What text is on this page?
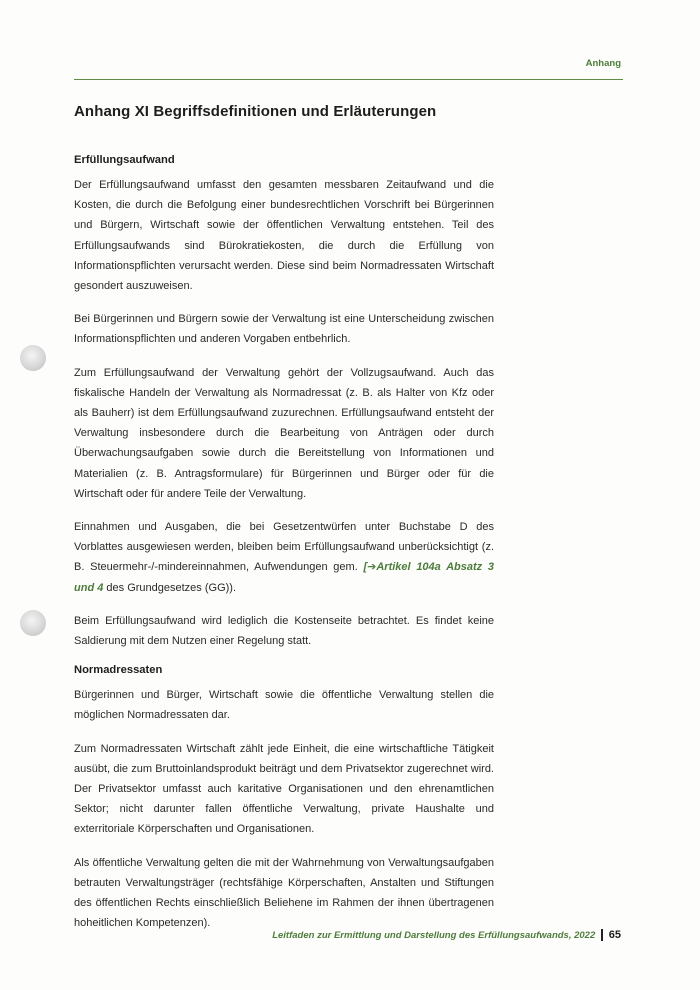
Anhang
Anhang XI Begriffsdefinitionen und Erläuterungen
Erfüllungsaufwand

Der Erfüllungsaufwand umfasst den gesamten messbaren Zeitaufwand und die Kosten, die durch die Befolgung einer bundesrechtlichen Vorschrift bei Bürgerinnen und Bürgern, Wirtschaft sowie der öffentlichen Verwaltung entstehen. Teil des Erfüllungsaufwands sind Bürokratiekosten, die durch die Erfüllung von Informationspflichten verursacht werden. Diese sind beim Normadressaten Wirtschaft gesondert auszuweisen.

Bei Bürgerinnen und Bürgern sowie der Verwaltung ist eine Unterscheidung zwischen Informationspflichten und anderen Vorgaben entbehrlich.

Zum Erfüllungsaufwand der Verwaltung gehört der Vollzugsaufwand. Auch das fiskalische Handeln der Verwaltung als Normadressat (z. B. als Halter von Kfz oder als Bauherr) ist dem Erfüllungsaufwand zuzurechnen. Erfüllungsaufwand entsteht der Verwaltung insbesondere durch die Bearbeitung von Anträgen oder durch Überwachungsaufgaben sowie durch die Bereitstellung von Informationen und Materialien (z. B. Antragsformulare) für Bürgerinnen und Bürger oder für die Wirtschaft oder für andere Teile der Verwaltung.

Einnahmen und Ausgaben, die bei Gesetzentwürfen unter Buchstabe D des Vorblattes ausgewiesen werden, bleiben beim Erfüllungsaufwand unberücksichtigt (z. B. Steuermehr-/-mindereinnahmen, Aufwendungen gem. [➔Artikel 104a Absatz 3 und 4 des Grundgesetzes (GG)).

Beim Erfüllungsaufwand wird lediglich die Kostenseite betrachtet. Es findet keine Saldierung mit dem Nutzen einer Regelung statt.

Normadressaten

Bürgerinnen und Bürger, Wirtschaft sowie die öffentliche Verwaltung stellen die möglichen Normadressaten dar.

Zum Normadressaten Wirtschaft zählt jede Einheit, die eine wirtschaftliche Tätigkeit ausübt, die zum Bruttoinlandsprodukt beiträgt und dem Privatsektor zugerechnet wird. Der Privatsektor umfasst auch karitative Organisationen und den ehrenamtlichen Sektor; nicht darunter fallen öffentliche Verwaltung, private Haushalte und exterritoriale Körperschaften und Organisationen.

Als öffentliche Verwaltung gelten die mit der Wahrnehmung von Verwaltungsaufgaben betrauten Verwaltungsträger (rechtsfähige Körperschaften, Anstalten und Stiftungen des öffentlichen Rechts einschließlich Beliehene im Rahmen der ihnen übertragenen hoheitlichen Kompetenzen).

Leitfaden zur Ermittlung und Darstellung des Erfüllungsaufwands, 2022 65
